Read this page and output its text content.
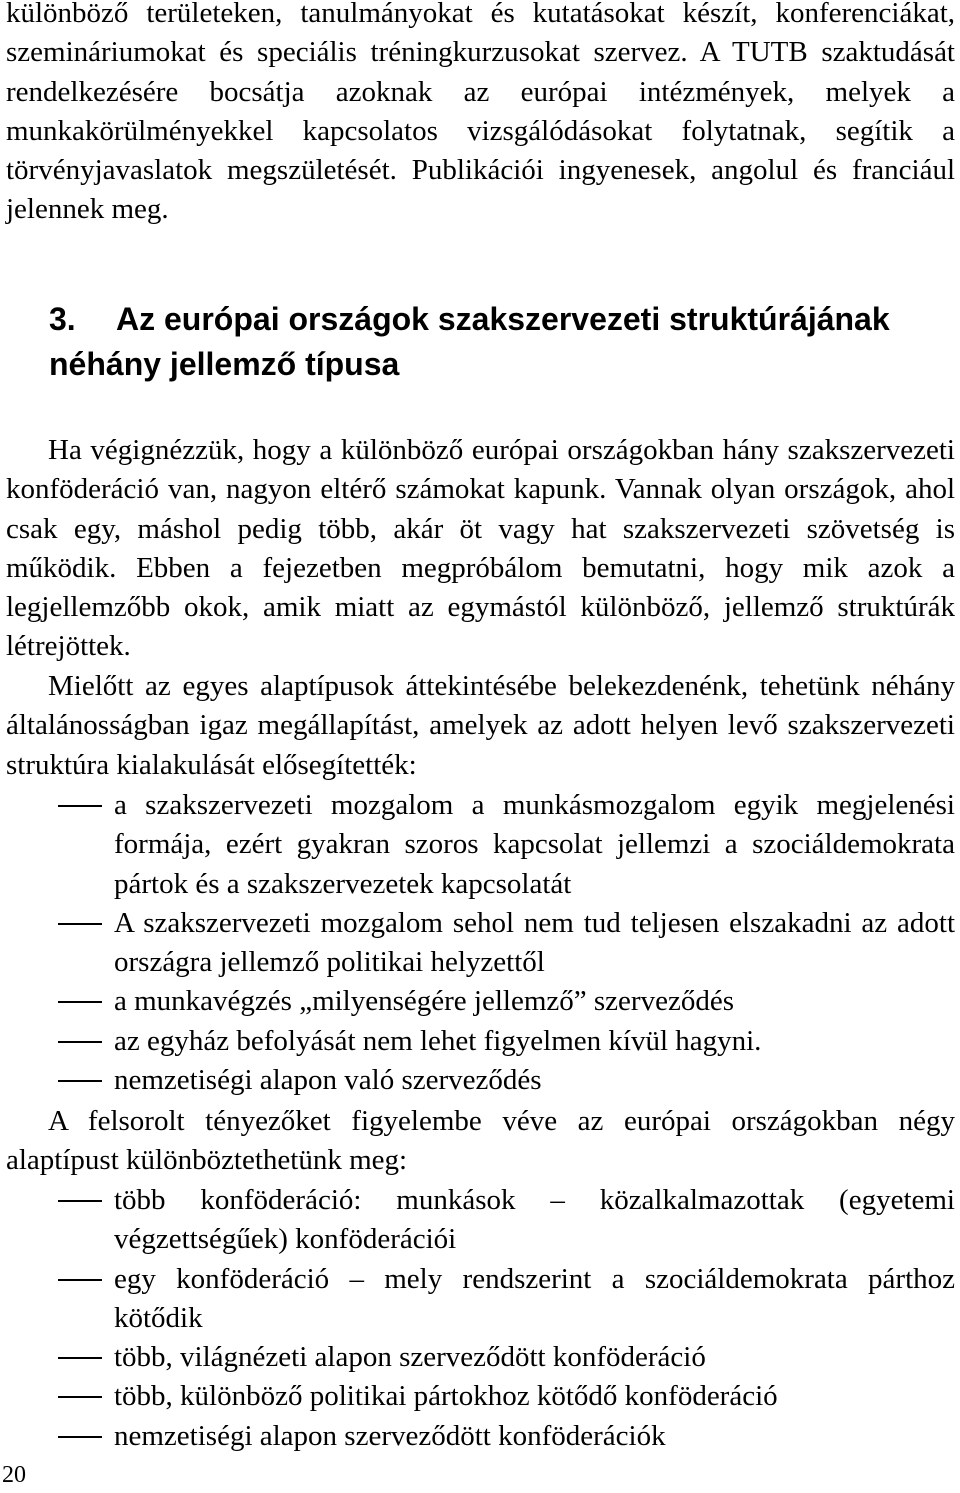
különböző területeken, tanulmányokat és kutatásokat készít, konferenciákat, szemináriumokat és speciális tréningkurzusokat szervez. A TUTB szaktudását rendelkezésére bocsátja azoknak az európai intézmények, melyek a munkakörülményekkel kapcsolatos vizsgálódásokat folytatnak, segítik a törvényjavaslatok megszületését. Publikációi ingyenesek, angolul és franciául jelennek meg.

3. Az európai országok szakszervezeti struktúrájának néhány jellemző típusa

Ha végignézzük, hogy a különböző európai országokban hány szakszervezeti konföderáció van, nagyon eltérő számokat kapunk. Vannak olyan országok, ahol csak egy, máshol pedig több, akár öt vagy hat szakszervezeti szövetség is működik. Ebben a fejezetben megpróbálom bemutatni, hogy mik azok a legjellemzőbb okok, amik miatt az egymástól különböző, jellemző struktúrák létrejöttek.

Mielőtt az egyes alaptípusok áttekintésébe belekezdenénk, tehetünk néhány általánosságban igaz megállapítást, amelyek az adott helyen levő szakszervezeti struktúra kialakulását elősegítették:

a szakszervezeti mozgalom a munkásmozgalom egyik megjelenési formája, ezért gyakran szoros kapcsolat jellemzi a szociáldemokrata pártok és a szakszervezetek kapcsolatát
A szakszervezeti mozgalom sehol nem tud teljesen elszakadni az adott országra jellemző politikai helyzettől
a munkavégzés „milyenségére jellemző” szerveződés
az egyház befolyását nem lehet figyelmen kívül hagyni.
nemzetiségi alapon való szerveződés

A felsorolt tényezőket figyelembe véve az európai országokban négy alaptípust különböztethetünk meg:

több konföderáció: munkások – közalkalmazottak (egyetemi végzettségűek) konföderációi
egy konföderáció – mely rendszerint a szociáldemokrata párthoz kötődik
több, világnézeti alapon szerveződött konföderáció
több, különböző politikai pártokhoz kötődő konföderáció
nemzetiségi alapon szerveződött konföderációk
20
